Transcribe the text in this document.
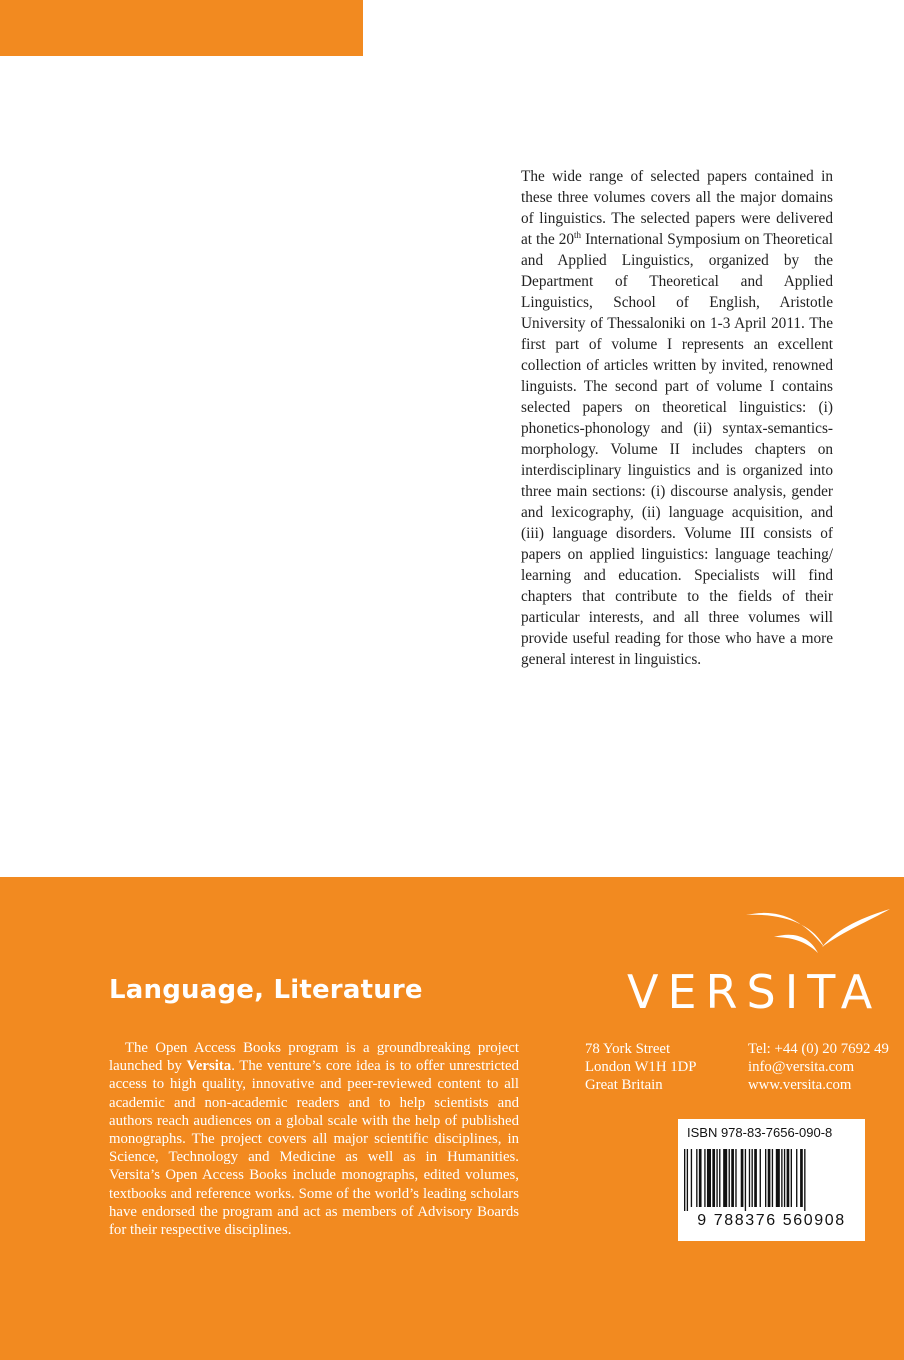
The wide range of selected papers contained in these three volumes covers all the major domains of linguistics. The selected papers were delivered at the 20th International Symposium on Theoretical and Applied Linguistics, organized by the Department of Theoretical and Applied Linguistics, School of English, Aristotle University of Thessaloniki on 1-3 April 2011. The first part of volume I represents an excellent collection of articles written by invited, renowned linguists. The second part of volume I contains selected papers on theoretical linguistics: (i) phonetics-phonology and (ii) syntax-semantics-morphology. Volume II includes chapters on interdisciplinary linguistics and is organized into three main sections: (i) discourse analysis, gender and lexicography, (ii) language acquisition, and (iii) language disorders. Volume III consists of papers on applied linguistics: language teaching/ learning and education. Specialists will find chapters that contribute to the fields of their particular interests, and all three volumes will provide useful reading for those who have a more general interest in linguistics.

Language, Literature

The Open Access Books program is a groundbreaking project launched by Versita. The venture’s core idea is to offer unrestricted access to high quality, innovative and peer-reviewed content to all academic and non-academic readers and to help scientists and authors reach audiences on a global scale with the help of published monographs. The project covers all major scientific disciplines, in Science, Technology and Medicine as well as in Humanities. Versita’s Open Access Books include monographs, edited volumes, textbooks and reference works. Some of the world’s leading scholars have endorsed the program and act as members of Advisory Boards for their respective disciplines.

VERSITA

78 York Street
London W1H 1DP
Great Britain

Tel: +44 (0) 20 7692 49
info@versita.com
www.versita.com

ISBN 978-83-7656-090-8

9 788376 560908
